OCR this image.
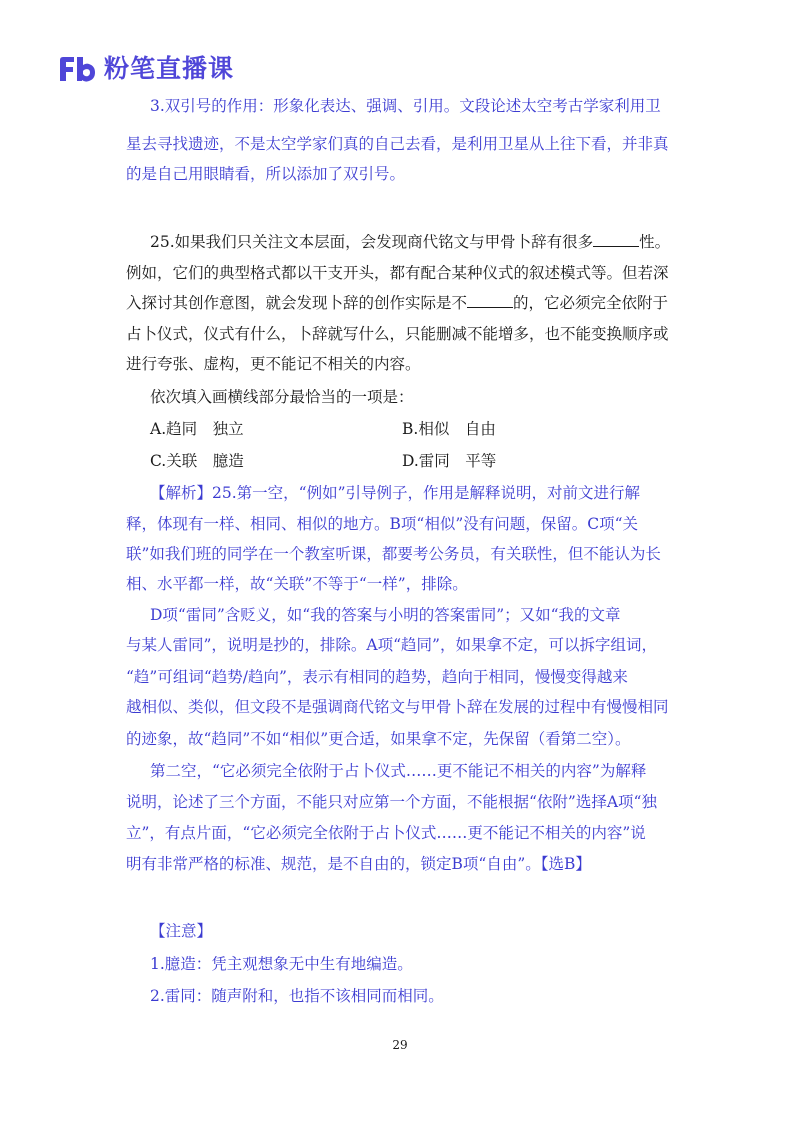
粉笔直播课

3.双引号的作用：形象化表达、强调、引用。文段论述太空考古学家利用卫

星去寻找遗迹，不是太空学家们真的自己去看，是利用卫星从上往下看，并非真

的是自己用眼睛看，所以添加了双引号。

25.如果我们只关注文本层面，会发现商代铭文与甲骨卜辞有很多	性。

例如，它们的典型格式都以干支开头，都有配合某种仪式的叙述模式等。但若深

入探讨其创作意图，就会发现卜辞的创作实际是不	的，它必须完全依附于

占卜仪式，仪式有什么，卜辞就写什么，只能删减不能增多，也不能变换顺序或

进行夸张、虚构，更不能记不相关的内容。

依次填入画横线部分最恰当的一项是：

A.趋同　独立	B.相似　自由
C.关联　臆造	D.雷同　平等

【解析】25.第一空，“例如”引导例子，作用是解释说明，对前文进行解

释，体现有一样、相同、相似的地方。B项“相似”没有问题，保留。C项“关

联”如我们班的同学在一个教室听课，都要考公务员，有关联性，但不能认为长

相、水平都一样，故“关联”不等于“一样”，排除。

D项“雷同”含贬义，如“我的答案与小明的答案雷同”；又如“我的文章

与某人雷同”，说明是抄的，排除。A项“趋同”，如果拿不定，可以拆字组词，

“趋”可组词“趋势/趋向”，表示有相同的趋势，趋向于相同，慢慢变得越来

越相似、类似，但文段不是强调商代铭文与甲骨卜辞在发展的过程中有慢慢相同

的迹象，故“趋同”不如“相似”更合适，如果拿不定，先保留（看第二空）。

第二空，“它必须完全依附于占卜仪式……更不能记不相关的内容”为解释

说明，论述了三个方面，不能只对应第一个方面，不能根据“依附”选择A项“独

立”，有点片面，“它必须完全依附于占卜仪式……更不能记不相关的内容”说

明有非常严格的标准、规范，是不自由的，锁定B项“自由”。【选B】

【注意】

1.臆造：凭主观想象无中生有地编造。

2.雷同：随声附和，也指不该相同而相同。

29
